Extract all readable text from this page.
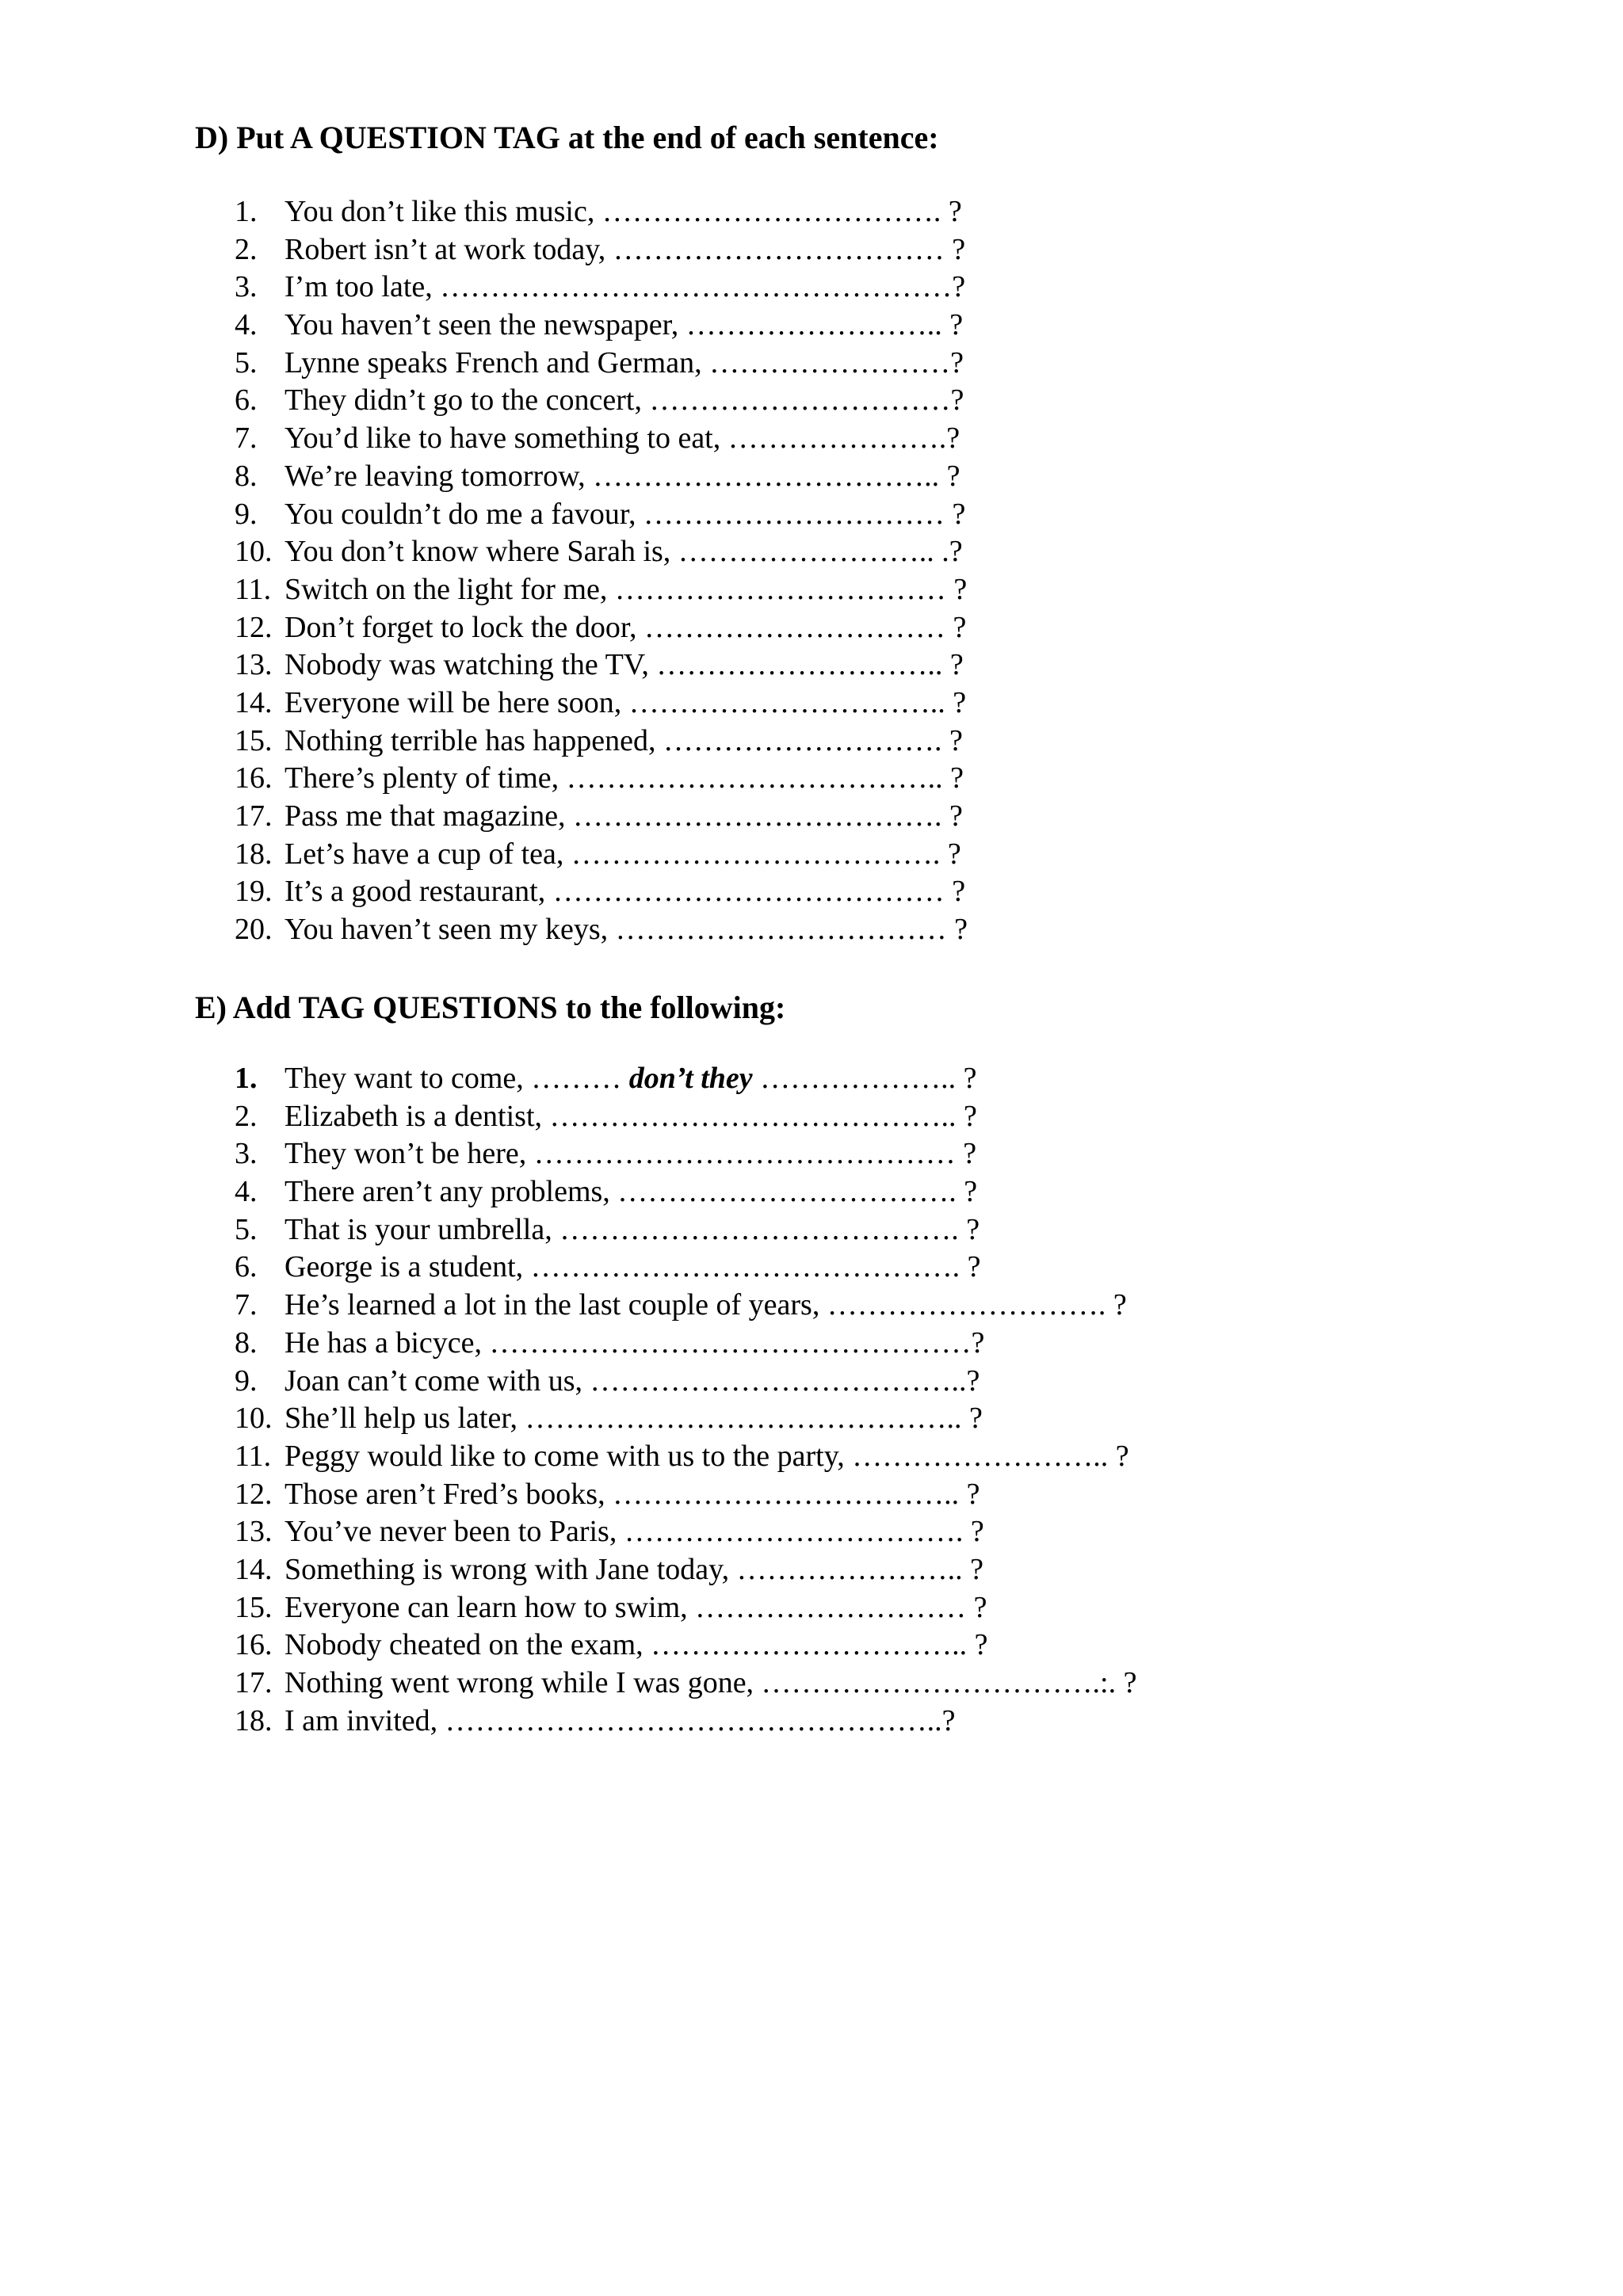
D) Put A QUESTION TAG at the end of each sentence:
1. You don’t like this music, ……………………………. ?
2. Robert isn’t at work today, …………………………… ?
3. I’m too late, ……………………………………………?
4. You haven’t seen the newspaper, …………………….. ?
5. Lynne speaks French and German, ……………………?
6. They didn’t go to the concert, …………………………?
7. You’d like to have something to eat, ………………….?
8. We’re leaving tomorrow, …………………………….. ?
9. You couldn’t do me a favour, ………………………… ?
10. You don’t know where Sarah is, …………………….. .?
11. Switch on the light for me, …………………………… ?
12. Don’t forget to lock the door, ………………………… ?
13. Nobody was watching the TV, ……………………….. ?
14. Everyone will be here soon, ………………………….. ?
15. Nothing terrible has happened, ………………………. ?
16. There’s plenty of time, ……………………………….. ?
17. Pass me that magazine, ………………………………. ?
18. Let’s have a cup of tea, ………………………………. ?
19. It’s a good restaurant, ………………………………… ?
20. You haven’t seen my keys, …………………………… ?
E) Add TAG QUESTIONS to the following:
1. They want to come, ……… don’t they ……………….. ?
2. Elizabeth is a dentist, ………………………………….. ?
3. They won’t be here, …………………………………… ?
4. There aren’t any problems, ……………………………. ?
5. That is your umbrella, …………………………………. ?
6. George is a student, ……………………………………. ?
7. He’s learned a lot in the last couple of years, ………………………. ?
8. He has a bicyce, …………………………………………?
9. Joan can’t come with us, ………………………………..?
10. She’ll help us later, …………………………………….. ?
11. Peggy would like to come with us to the party, …………………….. ?
12. Those aren’t Fred’s books, …………………………….. ?
13. You’ve never been to Paris, ……………………………. ?
14. Something is wrong with Jane today, ………………….. ?
15. Everyone can learn how to swim, ……………………… ?
16. Nobody cheated on the exam, ………………………….. ?
17. Nothing went wrong while I was gone, …………………………….:. ?
18. I am invited, …………………………………………..?
